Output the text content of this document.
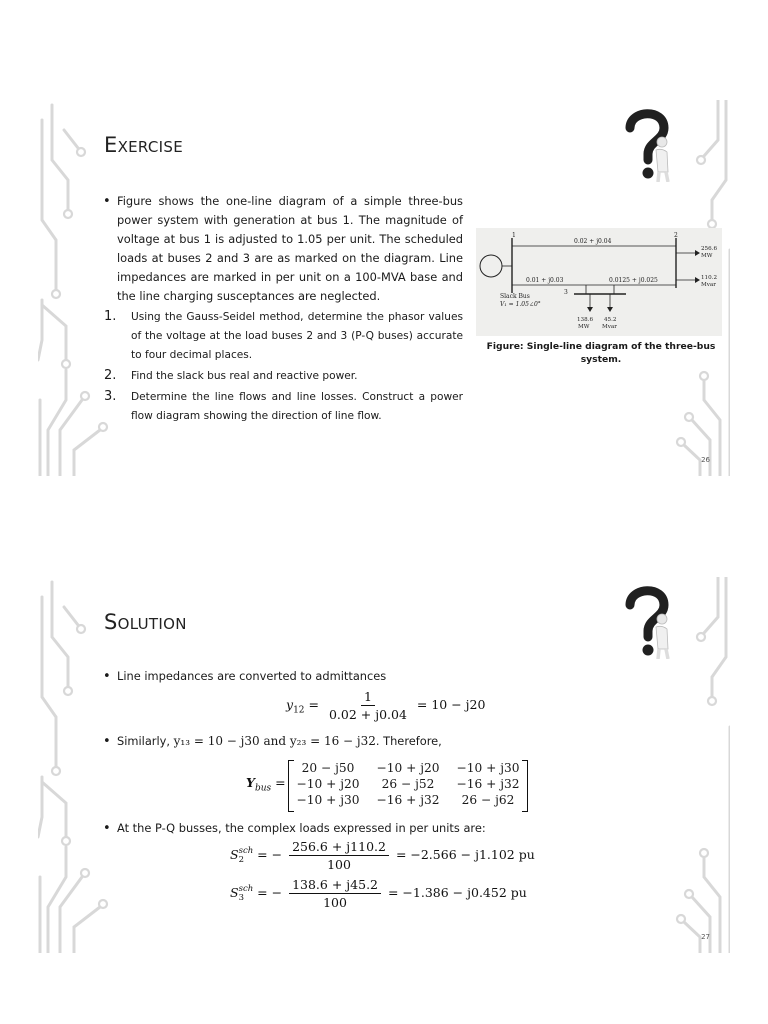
Exercise
• Figure shows the one-line diagram of a simple three-bus power system with generation at bus 1. The magnitude of voltage at bus 1 is adjusted to 1.05 per unit. The scheduled loads at buses 2 and 3 are as marked on the diagram. Line impedances are marked in per unit on a 100-MVA base and the line charging susceptances are neglected.
1. Using the Gauss-Seidel method, determine the phasor values of the voltage at the load buses 2 and 3 (P-Q buses) accurate to four decimal places.
2. Find the slack bus real and reactive power.
3. Determine the line flows and line losses. Construct a power flow diagram showing the direction of line flow.
1	2
3
0.02 + j0.04
0.01 + j0.03	0.0125 + j0.025
256.6
MW
110.2
Mvar
Slack Bus
V₁ = 1.05∠0°
138.6
MW
45.2
Mvar
Figure: Single-line diagram of the three-bus system.
26
Solution
• Line impedances are converted to admittances
$y_{12} = \frac{1}{0.02 + j0.04} = 10 - j20$
• Similarly, y₁₃ = 10 − j30 and y₂₃ = 16 − j32. Therefore,
$Y_{bus}$ =
20 − j50	−10 + j20	−10 + j30
−10 + j20	26 − j52	−16 + j32
−10 + j30	−16 + j32	26 − j62
• At the P-Q busses, the complex loads expressed in per units are:
S sch
2	= − $\frac{256.6 + j110.2}{100} = -2.566 - j1.102$ pu
S sch
3	= − $\frac{138.6 + j45.2}{100} = -1.386 - j0.452$ pu
27
